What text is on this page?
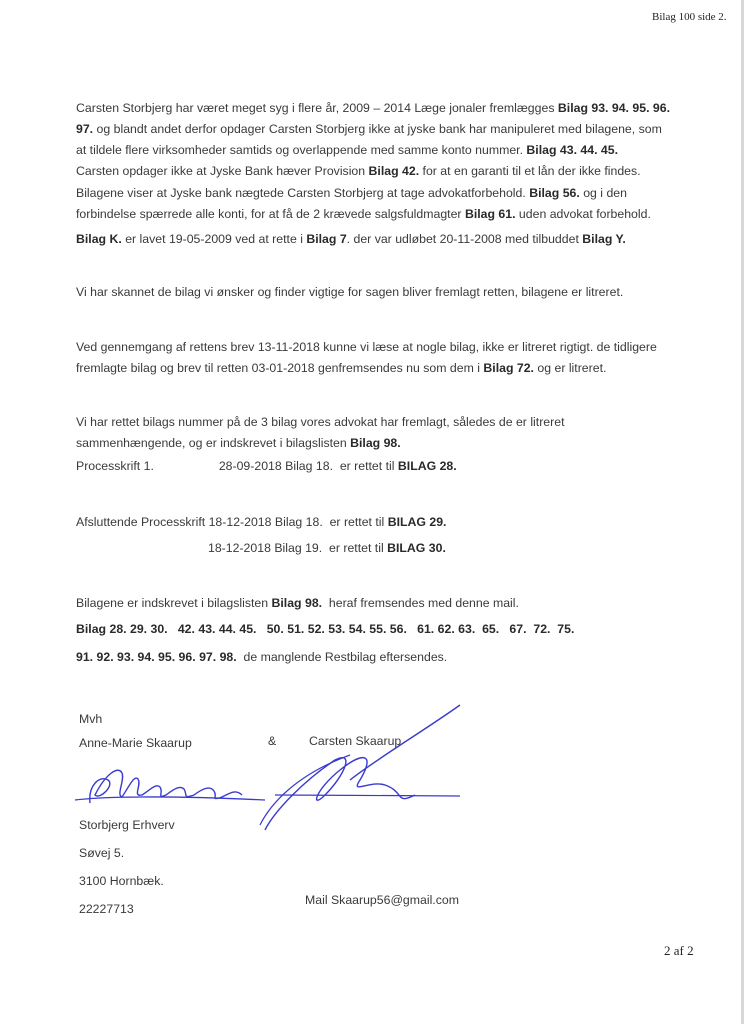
Bilag 100 side 2.
Carsten Storbjerg har været meget syg i flere år, 2009 – 2014 Læge jonaler fremlægges Bilag 93. 94. 95. 96.
97. og blandt andet derfor opdager Carsten Storbjerg ikke at jyske bank har manipuleret med bilagene, som
at tildele flere virksomheder samtids og overlappende med samme konto nummer. Bilag 43. 44. 45.
Carsten opdager ikke at Jyske Bank hæver Provision Bilag 42. for at en garanti til et lån der ikke findes.
Bilagene viser at Jyske bank nægtede Carsten Storbjerg at tage advokatforbehold. Bilag 56. og i den
forbindelse spærrede alle konti, for at få de 2 krævede salgsfuldmagter Bilag 61. uden advokat forbehold.
Bilag K. er lavet 19-05-2009 ved at rette i Bilag 7. der var udløbet 20-11-2008 med tilbuddet Bilag Y.
Vi har skannet de bilag vi ønsker og finder vigtige for sagen bliver fremlagt retten, bilagene er litreret.
Ved gennemgang af rettens brev 13-11-2018 kunne vi læse at nogle bilag, ikke er litreret rigtigt. de tidligere
fremlagte bilag og brev til retten 03-01-2018 genfremsendes nu som dem i Bilag 72. og er litreret.
Vi har rettet bilags nummer på de 3 bilag vores advokat har fremlagt, således de er litreret
sammenhængende, og er indskrevet i bilagslisten Bilag 98.
Processkrift 1.                   28-09-2018 Bilag 18.  er rettet til BILAG 28.
Afsluttende Processkrift 18-12-2018 Bilag 18.  er rettet til BILAG 29.
18-12-2018 Bilag 19.  er rettet til BILAG 30.
Bilagene er indskrevet i bilagslisten Bilag 98.  heraf fremsendes med denne mail.
Bilag 28. 29. 30.   42. 43. 44. 45.   50. 51. 52. 53. 54. 55. 56.   61. 62. 63.  65.   67.  72.  75.
91. 92. 93. 94. 95. 96. 97. 98.  de manglende Restbilag eftersendes.
Mvh
Anne-Marie Skaarup	&	Carsten Skaarup
Storbjerg Erhverv
Søvej 5.
3100 Hornbæk.
22227713
Mail Skaarup56@gmail.com
2 af 2
